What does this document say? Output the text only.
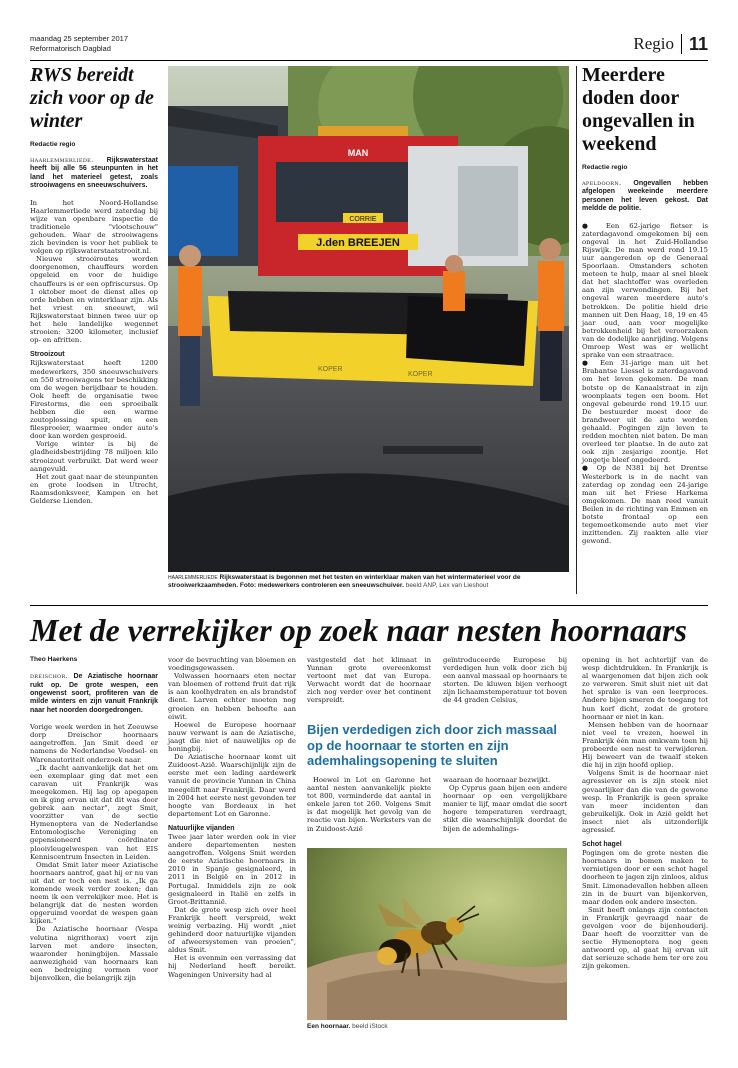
maandag 25 september 2017
Reformatorisch Dagblad	Regio 11
RWS bereidt zich voor op de winter
Redactie regio

haarlemmerliede. Rijkswaterstaat heeft bij alle 56 steunpunten in het land het materieel getest, zoals strooiwagens en sneeuwschuivers.

In het Noord-Hollandse Haarlemmerliede werd zaterdag bij wijze van openbare inspectie de traditionele "vlootschouw" gehouden. Waar de strooiwagens zich bevinden is voor het publiek te volgen op rijkswaterstaatstrooit.nl.

Nieuwe strooiroutes worden doorgenomen, chauffeurs worden opgeleid en voor de huidige chauffeurs is er een opfriscursus. Op 1 oktober moet de dienst alles op orde hebben en winterklaar zijn. Als het vriest en sneeuwt, wil Rijkswaterstaat binnen twee uur op het hele landelijke wegennet strooien: 3200 kilometer, inclusief op- en afritten.

Strooizout

Rijkswaterstaat heeft 1200 medewerkers, 350 sneeuwschuivers en 550 strooiwagens ter beschikking om de wegen berijdbaar te houden. Ook heeft de organisatie twee Firestorms, die een sproeibalk hebben die een warme zoutoplossing spuit, en een filesproeier, waarmee onder auto's door kan worden gesproeid.

Vorige winter is bij de gladheidsbestrijding 78 miljoen kilo strooizout verbruikt. Dat werd weer aangevuld.

Het zout gaat naar de steunpunten en grote loodsen in Utrecht, Raamsdonksveer, Kampen en het Gelderse Lienden.

J.den BREEJEN
CORRIE
MAN
KOPER
KOPER
haarlemmerliede Rijkswaterstaat is begonnen met het testen en winterklaar maken van het wintermaterieel voor de strooiwerkzaamheden. Foto: medewerkers controleren een sneeuwschuiver. beeld ANP, Lex van Lieshout
Meerdere doden door ongevallen in weekend
Redactie regio

apeldoorn. Ongevallen hebben afgelopen weekeinde meerdere personen het leven gekost. Dat meldde de politie.

● Een 62-jarige fietser is zaterdagavond omgekomen bij een ongeval in het Zuid-Hollandse Rijswijk. De man werd rond 19.15 uur aangereden op de Generaal Spoorlaan. Omstanders schoten meteen te hulp, maar al snel bleek dat het slachtoffer was overleden aan zijn verwondingen. Bij het ongeval waren meerdere auto's betrokken. De politie hield drie mannen uit Den Haag, 18, 19 en 45 jaar oud, aan voor mogelijke betrokkenheid bij het veroorzaken van de dodelijke aanrijding. Volgens Omroep West was er wellicht sprake van een straatrace.

● Een 31-jarige man uit het Brabantse Liessel is zaterdagavond om het leven gekomen. De man botste op de Kanaalstraat in zijn woonplaats tegen een boom. Het ongeval gebeurde rond 19.15 uur. De bestuurder moest door de brandweer uit de auto worden gehaald. Pogingen zijn leven te redden mochten niet baten. De man overleed ter plaatse. In de auto zat ook zijn zesjarige zoontje. Het jongetje bleef ongedeerd.

● Op de N381 bij het Drentse Westerbork is in de nacht van zaterdag op zondag een 24-jarige man uit het Friese Harkema omgekomen. De man reed vanuit Beilen in de richting van Emmen en botste frontaal op een tegemoetkomende auto met vier inzittenden. Zij raakten alle vier gewond.

Met de verrekijker op zoek naar nesten hoornaars
Theo Haerkens

dreischor. De Aziatische hoornaar rukt op. De grote wespen, een ongewenst soort, profiteren van de milde winters en zijn vanuit Frankrijk naar het noorden doorgedrongen.

Vorige week werden in het Zeeuwse dorp Dreischor hoornaars aangetroffen. Jan Smit deed er namens de Nederlandse Voedsel- en Warenautoriteit onderzoek naar.

„Ik dacht aanvankelijk dat het om een exemplaar ging dat met een caravan uit Frankrijk was meegekomen. Hij lag op apegapen en ik ging ervan uit dat dit was door gebrek aan nectar", zegt Smit, voorzitter van de sectie Hymenoptera van de Nederlandse Entomologische Vereniging en gepensioneerd coördinator plooivleugelwespen van het EIS Kenniscentrum Insecten in Leiden.

Omdat Smit later meer Aziatische hoornaars aantrof, gaat hij er nu van uit dat er toch een nest is. „Ik ga komende week verder zoeken; dan neem ik een verrekijker mee. Het is belangrijk dat de nesten worden opgeruimd voordat de wespen gaan kijken."

De Aziatische hoornaar (Vespa velutina nigrithorax) voert zijn larven met andere insecten, waaronder honingbijen. Massale aanwezigheid van hoornaars kan een bedreiging vormen voor bijenvolken, die belangrijk zijn

voor de bevruchting van bloemen en voedingsgewassen.

Volwassen hoornaars eten nectar van bloemen of rottend fruit dat rijk is aan koolhydraten en als brandstof dient. Larven echter moeten nog groeien en hebben behoefte aan eiwit.

Hoewel de Europese hoornaar nauw verwant is aan de Aziatische, jaagt die niet of nauwelijks op de honingbij.

De Aziatische hoornaar komt uit Zuidoost-Azië. Waarschijnlijk zijn de eerste met een lading aardewerk vanuit de provincie Yunnan in China meegelift naar Frankrijk. Daar werd in 2004 het eerste nest gevonden ter hoogte van Bordeaux in het departement Lot en Garonne.

Natuurlijke vijanden

Twee jaar later werden ook in vier andere departementen nesten aangetroffen. Volgens Smit werden de eerste Aziatische hoornaars in 2010 in Spanje gesignaleerd, in 2011 in België en in 2012 in Portugal. Inmiddels zijn ze ook gesignaleerd in Italië en zelfs in Groot-Brittannië.

Dat de grote wesp zich over heel Frankrijk heeft verspreid, wekt weinig verbazing. Hij wordt „niet gehinderd door natuurlijke vijanden of afweersystemen van proeien", aldus Smit.

Het is evenmin een verrassing dat hij Nederland heeft bereikt. Wageningen University had al

vastgesteld dat het klimaat in Yunnan grote overeenkomst vertoont met dat van Europa. Verwacht wordt dat de hoornaar zich nog verder over het continent verspreidt.

geïntroduceerde Europese bij verdedigen hun volk door zich bij een aanval massaal op hoornaars te storten. De kluwen bijen verhoogt zijn lichaamstemperatuur tot boven de 44 graden Celsius,

Bijen verdedigen zich door zich massaal op de hoornaar te storten en zijn ademhalingsopening te sluiten

Hoewel in Lot en Garonne het aantal nesten aanvankelijk piekte tot 800, verminderde dat aantal in enkele jaren tot 260. Volgens Smit is dat mogelijk het gevolg van de reactie van bijen. Werksters van de in Zuidoost-Azië

waaraan de hoornaar bezwijkt.

Op Cyprus gaan bijen een andere hoornaar op een vergelijkbare manier te lijf, maar omdat die soort hogere temperaturen verdraagt, stikt die waarschijnlijk doordat de bijen de ademhalings-

Een hoornaar. beeld iStock

opening in het achterlijf van de wesp dichtdrukken. In Frankrijk is al waargenomen dat bijen zich ook zo verweren. Smit sluit niet uit dat het sprake is van een leerproces. Andere bijen smeren de toegang tot hun korf dicht, zodat de grotere hoornaar er niet in kan.

Mensen hebben van de hoornaar niet veel te vrezen, hoewel in Frankrijk één man omkwam toen hij probeerde een nest te verwijderen. Hij beweert van de twaalf steken die hij in zijn hoofd opliep.

Volgens Smit is de hoornaar niet agressiever en is zijn steek niet gevaarlijker dan die van de gewone wesp. In Frankrijk is geen sprake van meer incidenten dan gebruikelijk. Ook in Azië geldt het insect niet als uitzonderlijk agressief.

Schot hagel

Pogingen om de grote nesten die hoornaars in bomen maken te vernietigen door er een schot hagel doorheen te jagen zijn zinloos, aldus Smit. Limonadevallen hebben alleen zin in de buurt van bijenkorven, maar doden ook andere insecten.

Smit heeft onlangs zijn contacten in Frankrijk gevraagd naar de gevolgen voor de bijenhouderij. Daar heeft de voorzitter van de sectie Hymenoptera nog geen antwoord op, al gaat hij ervan uit dat serieuze schade hem ter ore zou zijn gekomen.
